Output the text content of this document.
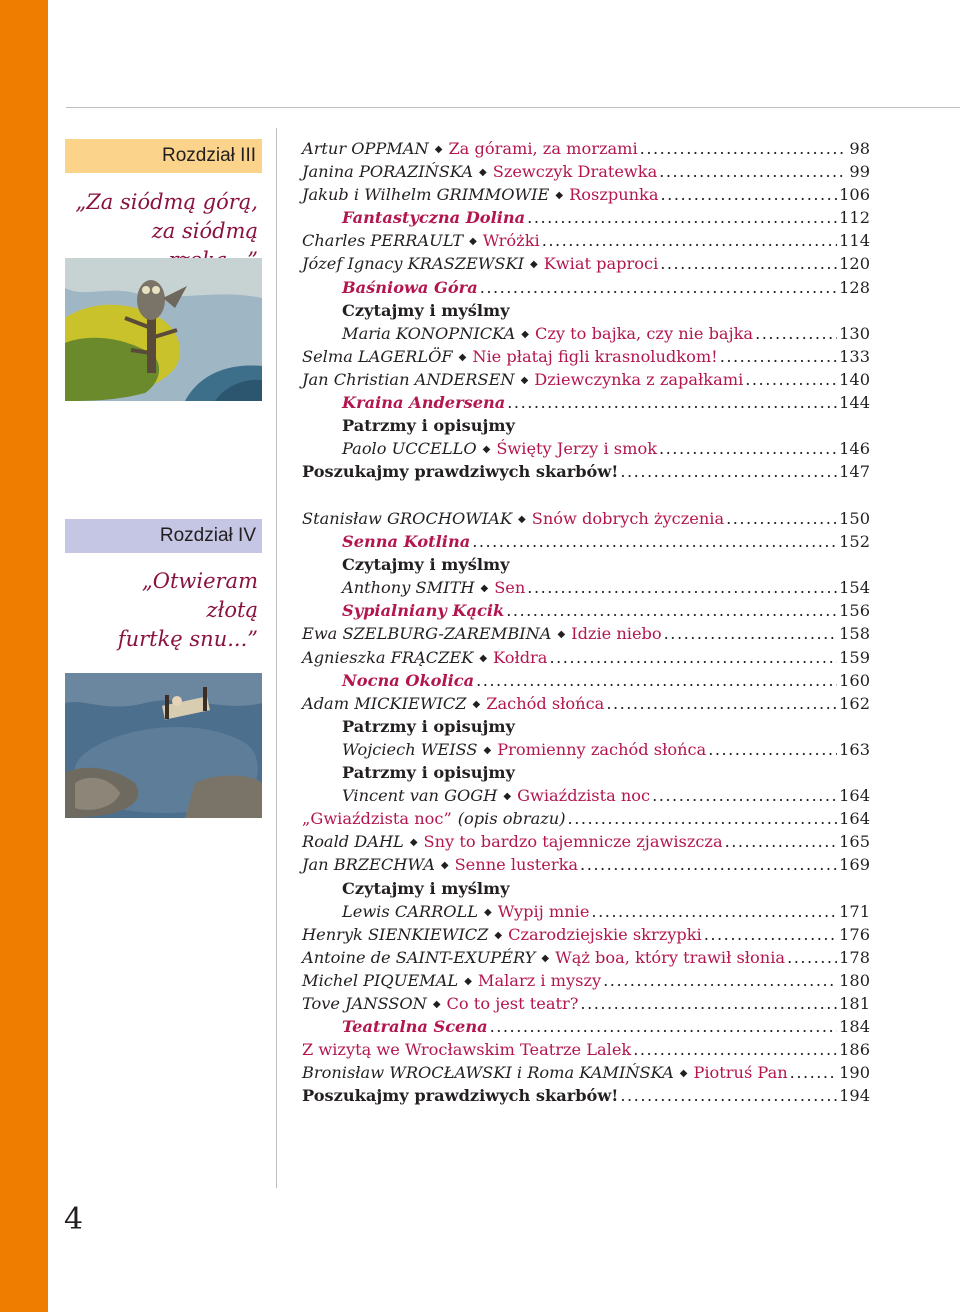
Rozdział III
„Za siódmą górą,
za siódmą
Rozdział IV
„Otwieram
złotą
furtkę snu...”
Artur OPPMAN ◆ Za górami, za morzami .....	98
Janina PORAZIŃSKA ◆ Szewczyk Dratewka .....	99
Jakub i Wilhelm GRIMMOWIE ◆ Roszpunka .....	106
Fantastyczna Dolina .....	112
Charles PERRAULT ◆ Wróżki .....	114
Józef Ignacy KRASZEWSKI ◆ Kwiat paproci .....	120
Baśniowa Góra .....	128
Czytajmy i myślmy
Maria KONOPNICKA ◆ Czy to bajka, czy nie bajka .....	130
Selma LAGERLÖF ◆ Nie płataj figli krasnoludkom! .....	133
Jan Christian ANDERSEN ◆ Dziewczynka z zapałkami .....	140
Kraina Andersena .....	144
Patrzmy i opisujmy
Paolo UCCELLO ◆ Święty Jerzy i smok .....	146
Poszukajmy prawdziwych skarbów! .....	147
Stanisław GROCHOWIAK ◆ Snów dobrych życzenia .....	150
Senna Kotlina .....	152
Czytajmy i myślmy
Anthony SMITH ◆ Sen .....	154
Sypialniany Kącik .....	156
Ewa SZELBURG-ZAREMBINA ◆ Idzie niebo .....	158
Agnieszka FRĄCZEK ◆ Kołdra .....	159
Nocna Okolica .....	160
Adam MICKIEWICZ ◆ Zachód słońca .....	162
Patrzmy i opisujmy
Wojciech WEISS ◆ Promienny zachód słońca .....	163
Patrzmy i opisujmy
Vincent van GOGH ◆ Gwiaździsta noc .....	164
„Gwiaździsta noc” (opis obrazu) .....	164
Roald DAHL ◆ Sny to bardzo tajemnicze zjawiszcza .....	165
Jan BRZECHWA ◆ Senne lusterka .....	169
Czytajmy i myślmy
Lewis CARROLL ◆ Wypij mnie .....	171
Henryk SIENKIEWICZ ◆ Czarodziejskie skrzypki .....	176
Antoine de SAINT-EXUPÉRY ◆ Wąż boa, który trawił słonia .....	178
Michel PIQUEMAL ◆ Malarz i myszy .....	180
Tove JANSSON ◆ Co to jest teatr? .....	181
Teatralna Scena .....	184
Z wizytą we Wrocławskim Teatrze Lalek .....	186
Bronisław WROCŁAWSKI i Roma KAMIŃSKA ◆ Piotruś Pan .....	190
Poszukajmy prawdziwych skarbów! .....	194
4
